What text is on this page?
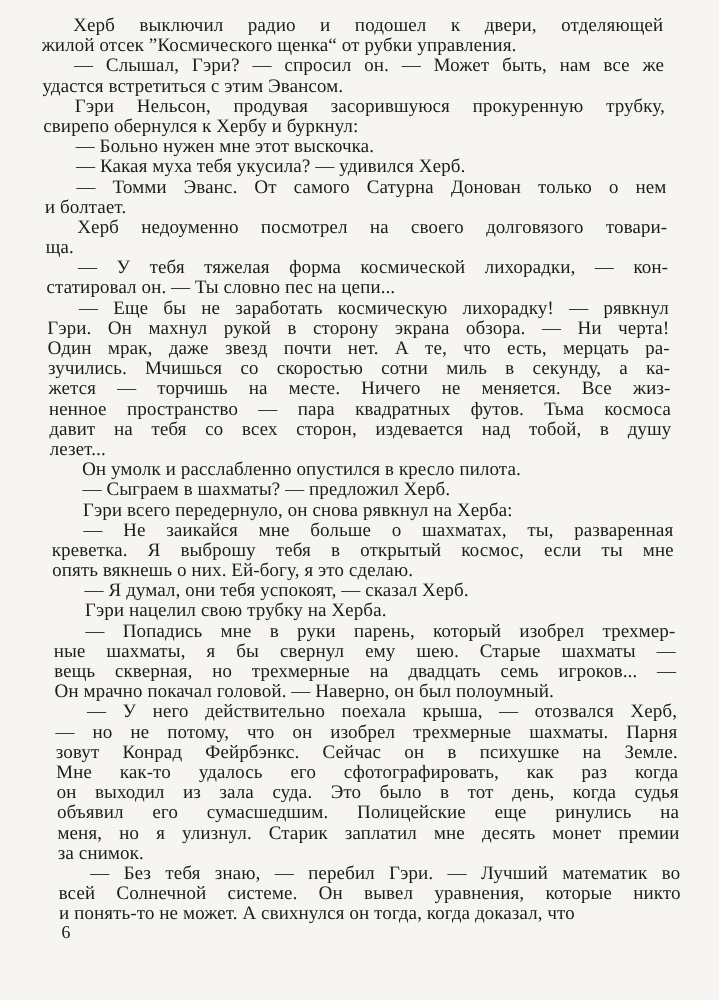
Херб выключил радио и подошел к двери, отделяющей
жилой отсек ”Космического щенка“ от рубки управления.
— Слышал, Гэри? — спросил он. — Может быть, нам все же
удастся встретиться с этим Эвансом.
Гэри Нельсон, продувая засорившуюся прокуренную трубку,
свирепо обернулся к Хербу и буркнул:
— Больно нужен мне этот выскочка.
— Какая муха тебя укусила? — удивился Херб.
— Томми Эванс. От самого Сатурна Донован только о нем
и болтает.
Херб недоуменно посмотрел на своего долговязого товари-
ща.
— У тебя тяжелая форма космической лихорадки, — кон-
статировал он. — Ты словно пес на цепи...
— Еще бы не заработать космическую лихорадку! — рявкнул
Гэри. Он махнул рукой в сторону экрана обзора. — Ни черта!
Один мрак, даже звезд почти нет. А те, что есть, мерцать ра-
зучились. Мчишься со скоростью сотни миль в секунду, а ка-
жется — торчишь на месте. Ничего не меняется. Все жиз-
ненное пространство — пара квадратных футов. Тьма космоса
давит на тебя со всех сторон, издевается над тобой, в душу
лезет...
Он умолк и расслабленно опустился в кресло пилота.
— Сыграем в шахматы? — предложил Херб.
Гэри всего передернуло, он снова рявкнул на Херба:
— Не заикайся мне больше о шахматах, ты, разваренная
креветка. Я выброшу тебя в открытый космос, если ты мне
опять вякнешь о них. Ей-богу, я это сделаю.
— Я думал, они тебя успокоят, — сказал Херб.
Гэри нацелил свою трубку на Херба.
— Попадись мне в руки парень, который изобрел трехмер-
ные шахматы, я бы свернул ему шею. Старые шахматы —
вещь скверная, но трехмерные на двадцать семь игроков... —
Он мрачно покачал головой. — Наверно, он был полоумный.
— У него действительно поехала крыша, — отозвался Херб,
— но не потому, что он изобрел трехмерные шахматы. Парня
зовут Конрад Фейрбэнкс. Сейчас он в психушке на Земле.
Мне как-то удалось его сфотографировать, как раз когда
он выходил из зала суда. Это было в тот день, когда судья
объявил его сумасшедшим. Полицейские еще ринулись на
меня, но я улизнул. Старик заплатил мне десять монет премии
за снимок.
— Без тебя знаю, — перебил Гэри. — Лучший математик во
всей Солнечной системе. Он вывел уравнения, которые никто
и понять-то не может. А свихнулся он тогда, когда доказал, что
6
